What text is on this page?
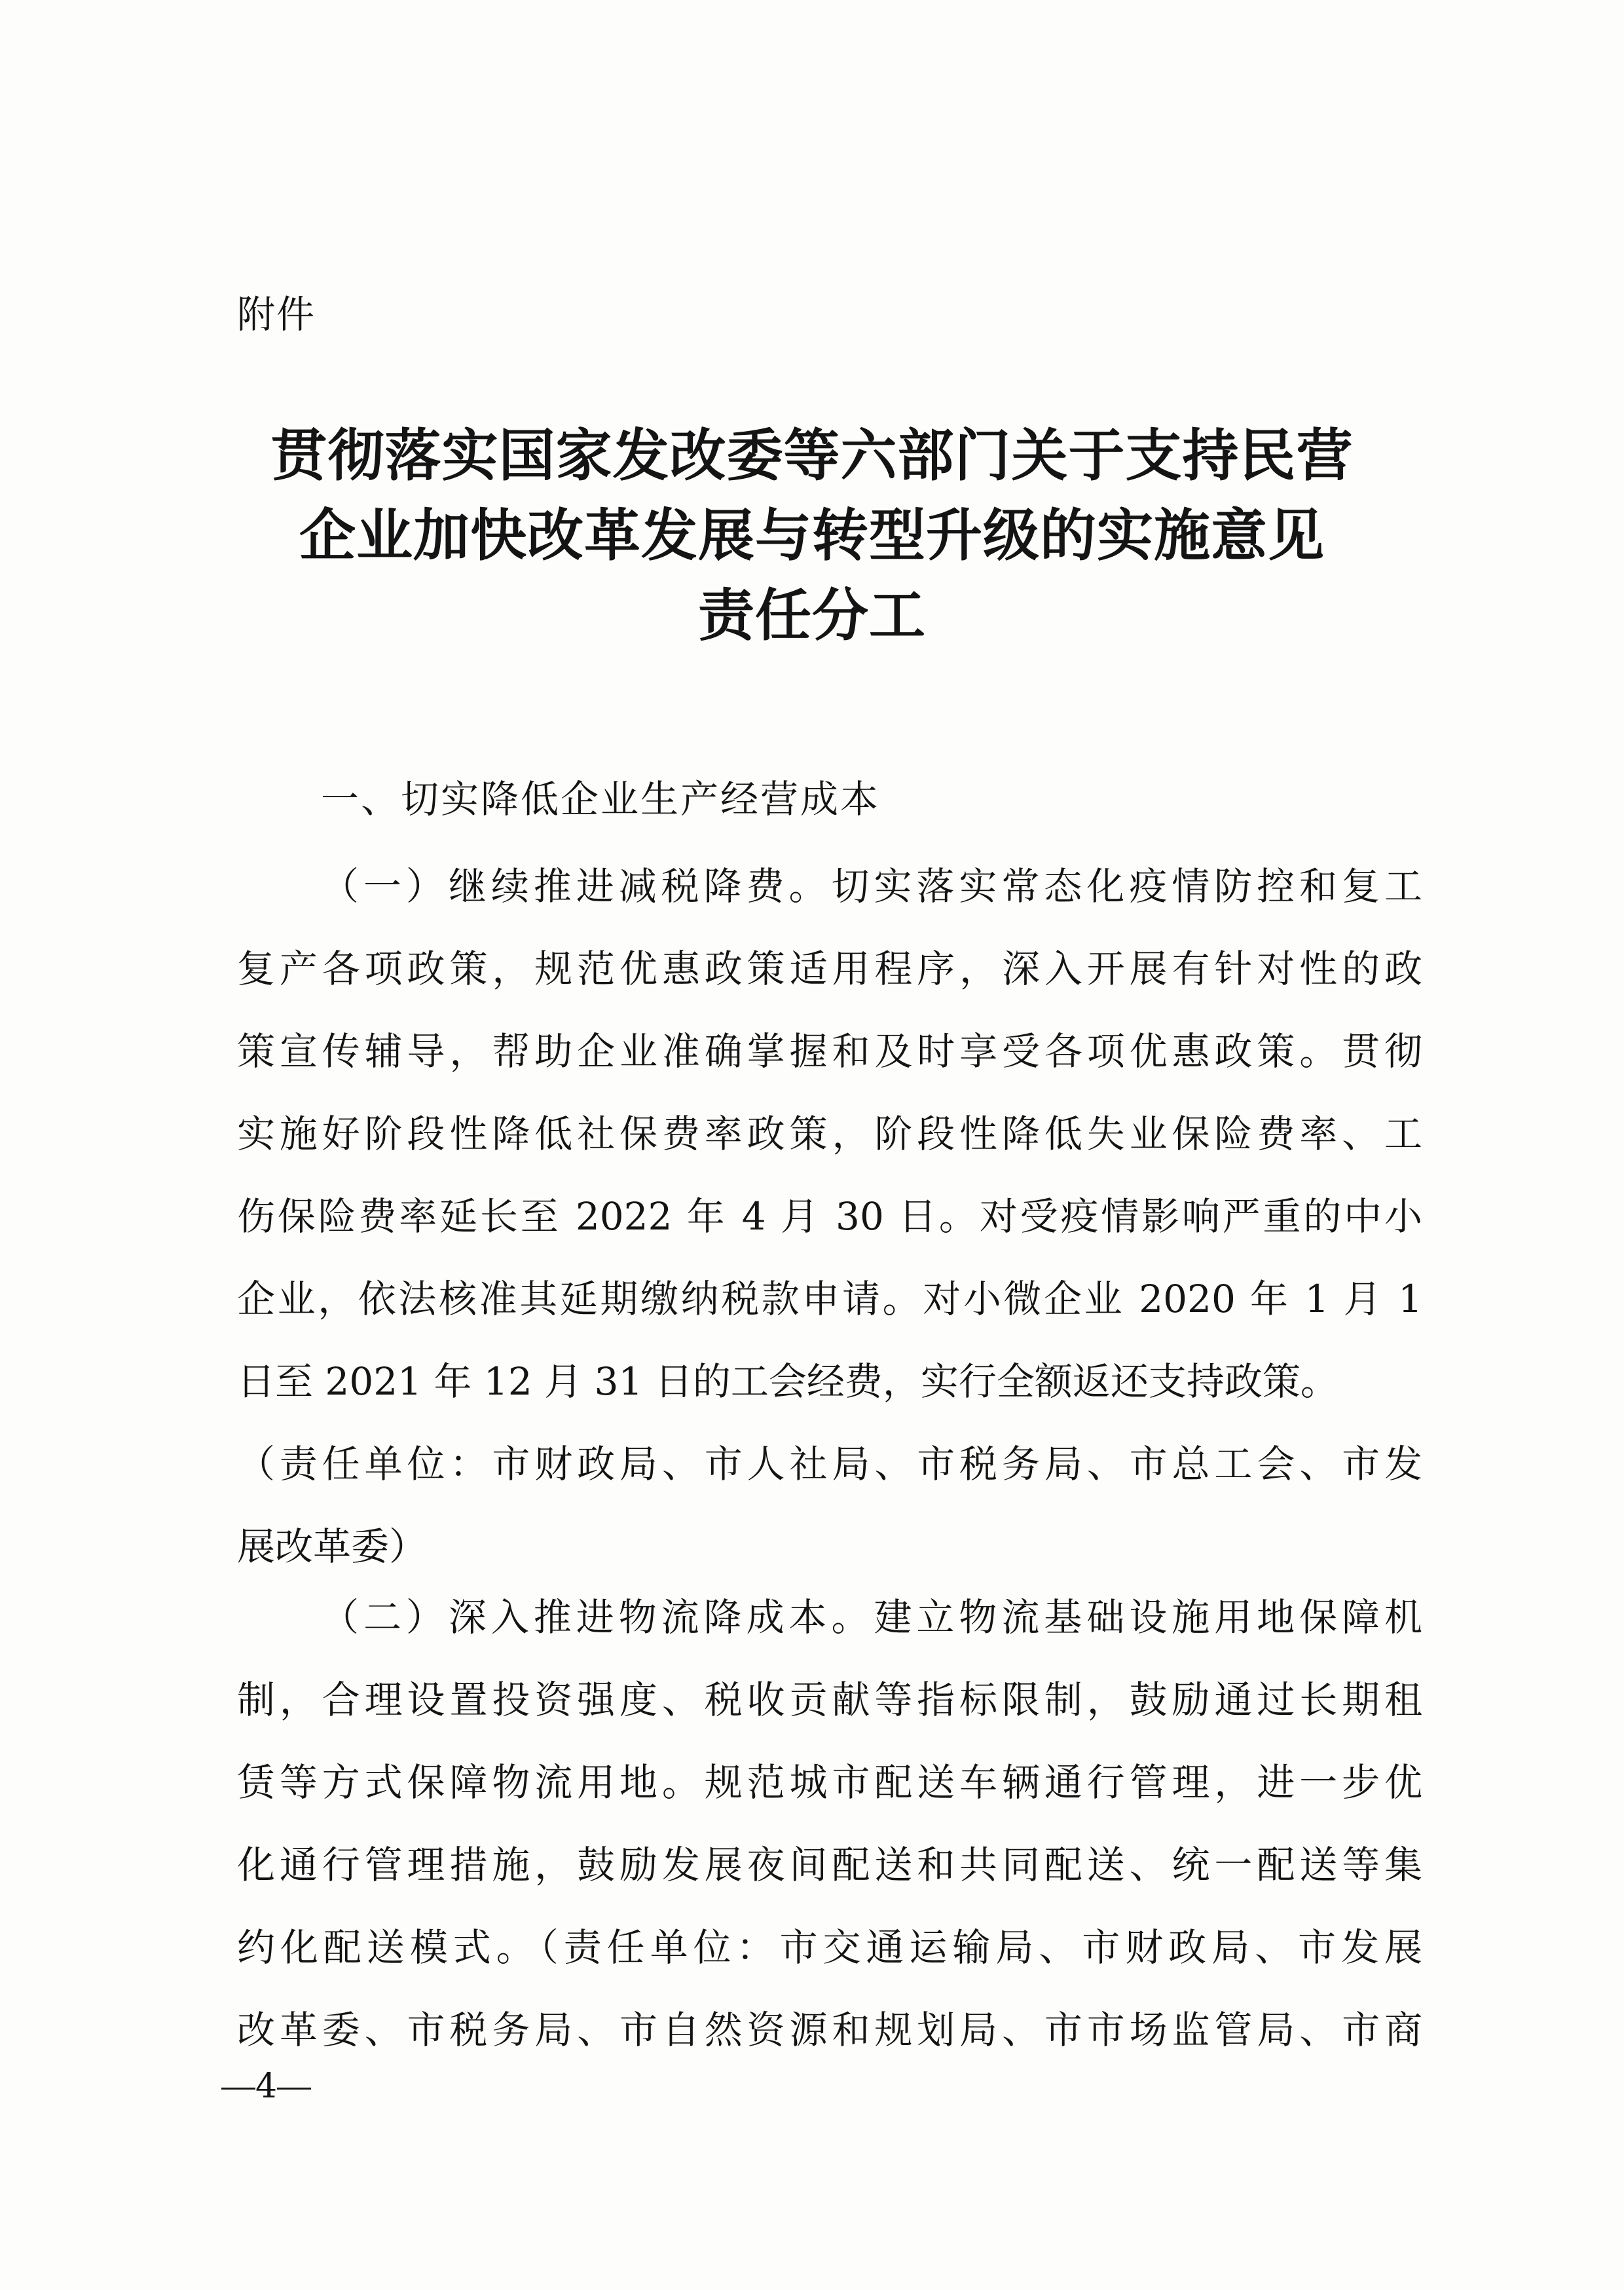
附件
贯彻落实国家发改委等六部门关于支持民营
企业加快改革发展与转型升级的实施意见
责任分工
一、切实降低企业生产经营成本
（一）继续推进减税降费。切实落实常态化疫情防控和复工
复产各项政策，规范优惠政策适用程序，深入开展有针对性的政
策宣传辅导，帮助企业准确掌握和及时享受各项优惠政策。贯彻
实施好阶段性降低社保费率政策，阶段性降低失业保险费率、工
伤保险费率延长至 2022 年 4 月 30 日。对受疫情影响严重的中小
企业，依法核准其延期缴纳税款申请。对小微企业 2020 年 1 月 1
日至 2021 年 12 月 31 日的工会经费，实行全额返还支持政策。
（责任单位：市财政局、市人社局、市税务局、市总工会、市发
展改革委）
（二）深入推进物流降成本。建立物流基础设施用地保障机
制，合理设置投资强度、税收贡献等指标限制，鼓励通过长期租
赁等方式保障物流用地。规范城市配送车辆通行管理，进一步优
化通行管理措施，鼓励发展夜间配送和共同配送、统一配送等集
约化配送模式。（责任单位：市交通运输局、市财政局、市发展
改革委、市税务局、市自然资源和规划局、市市场监管局、市商
4
